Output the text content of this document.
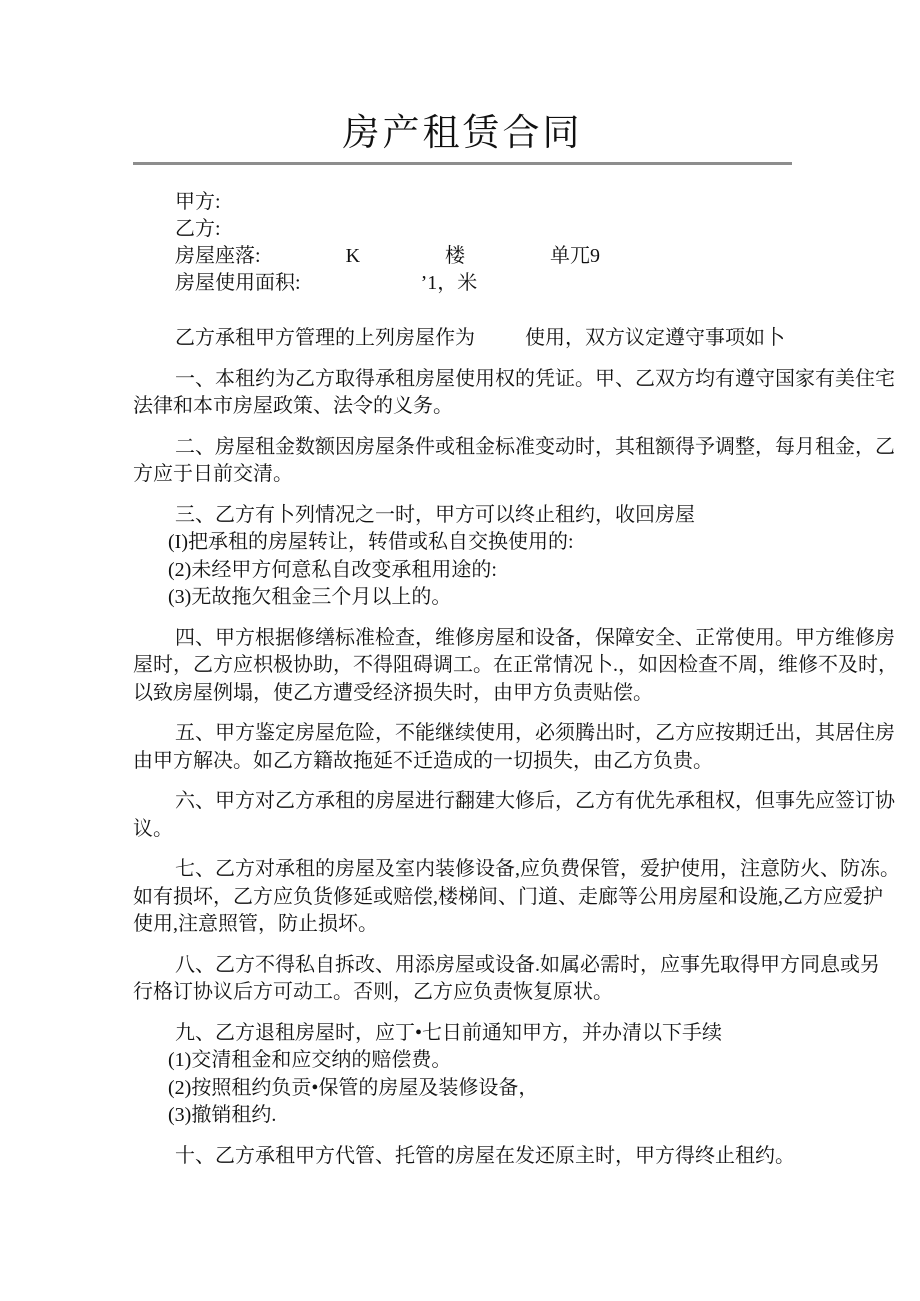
房产租赁合同
甲方:
乙方:
房屋座落:	K	楼	单兀9
房屋使用面积:	’1，米
乙方承租甲方管理的上列房屋作为	使用，双方议定遵守事项如卜
一、本租约为乙方取得承租房屋使用权的凭证。甲、乙双方均有遵守国家有美住宅
法律和本市房屋政策、法令的义务。
二、房屋租金数额因房屋条件或租金标准变动时，其租额得予调整，每月租金，乙
方应于日前交清。
三、乙方有卜列情况之一时，甲方可以终止租约，收回房屋
(I)把承租的房屋转让，转借或私自交换使用的:
(2)未经甲方何意私自改变承租用途的:
(3)无故拖欠租金三个月以上的。
四、甲方根据修缮标准检查，维修房屋和设备，保障安全、正常使用。甲方维修房
屋时，乙方应枳极协助，不得阻碍调工。在正常情况卜.，如因检查不周，维修不及时，
以致房屋例塌，使乙方遭受经济损失时，由甲方负责贴偿。
五、甲方鉴定房屋危险，不能继续使用，必须腾出时，乙方应按期迁出，其居住房
由甲方解决。如乙方籍故拖延不迁造成的一切损失，由乙方负贵。
六、甲方对乙方承租的房屋进行翻建大修后，乙方有优先承租权，但事先应签订协
议。
七、乙方对承租的房屋及室内装修设备,应负费保管，爱护使用，注意防火、防冻。
如有损坏，乙方应负货修延或赔偿,楼梯间、门道、走廊等公用房屋和设施,乙方应爱护
使用,注意照管，防止损坏。
八、乙方不得私自拆改、用添房屋或设备.如属必需时，应事先取得甲方同息或另
行格订协议后方可动工。否则，乙方应负责恢复原状。
九、乙方退租房屋时，应丁•七日前通知甲方，并办清以下手续
(1)交清租金和应交纳的赔偿费。
(2)按照租约负贡•保管的房屋及装修设备，
(3)撤销租约.
十、乙方承租甲方代管、托管的房屋在发还原主时，甲方得终止租约。
